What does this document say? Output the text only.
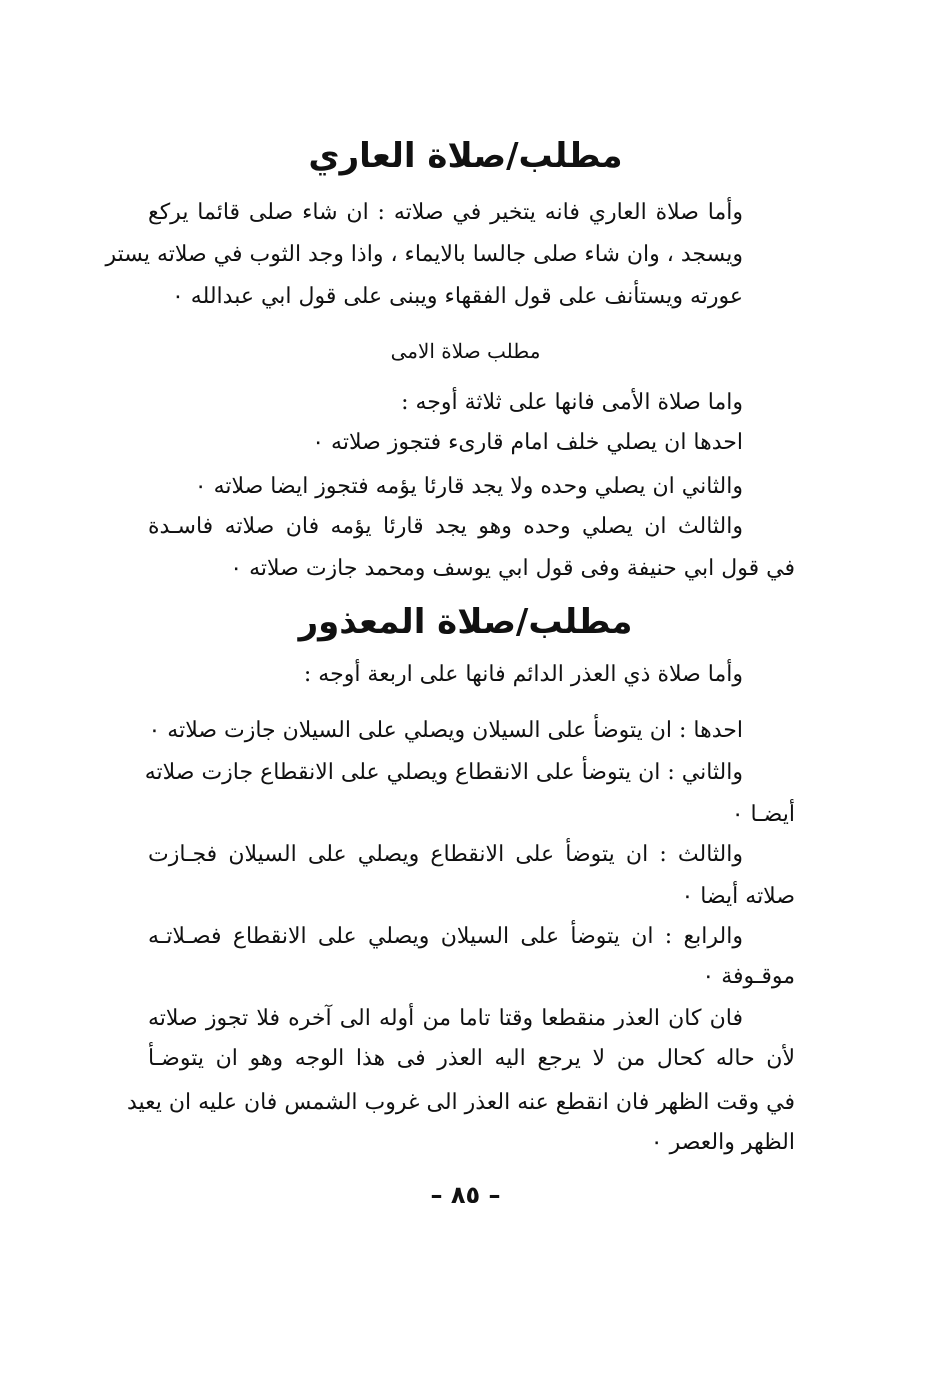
مطلب/صلاة العاري
وأما صلاة العاري فانه يتخير في صلاته : ان شاء صلى قائما يركع
ويسجد ، وان شاء صلى جالسا بالايماء ، واذا وجد الثوب في صلاته يستر
عورته ويستأنف على قول الفقهاء ويبنى على قول ابي عبدالله ٠
مطلب صلاة الامى
واما صلاة الأمى فانها على ثلاثة أوجه :
احدها ان يصلي خلف امام قارىء فتجوز صلاته ٠
والثاني ان يصلي وحده ولا يجد قارئا يؤمه فتجوز ايضا صلاته ٠
والثالث ان يصلي وحده وهو يجد قارئا يؤمه فان صلاته فاسـدة
في قول ابي حنيفة وفى قول ابي يوسف ومحمد جازت صلاته ٠
مطلب/صلاة المعذور
وأما صلاة ذي العذر الدائم فانها على اربعة أوجه :
احدها : ان يتوضأ على السيلان ويصلي على السيلان جازت صلاته ٠
والثاني : ان يتوضأ على الانقطاع ويصلي على الانقطاع جازت صلاته
أيضـا ٠
والثالث : ان يتوضأ على الانقطاع ويصلي على السيلان فجـازت
صلاته أيضا ٠
والرابع : ان يتوضأ على السيلان ويصلي على الانقطاع فصـلاتـه
موقـوفة ٠
فان كان العذر منقطعا وقتا تاما من أوله الى آخره فلا تجوز صلاته
لأن حاله كحال من لا يرجع اليه العذر فى هذا الوجه وهو ان يتوضـأ
في وقت الظهر فان انقطع عنه العذر الى غروب الشمس فان عليه ان يعيد
الظهر والعصر ٠
– ٨٥ –
